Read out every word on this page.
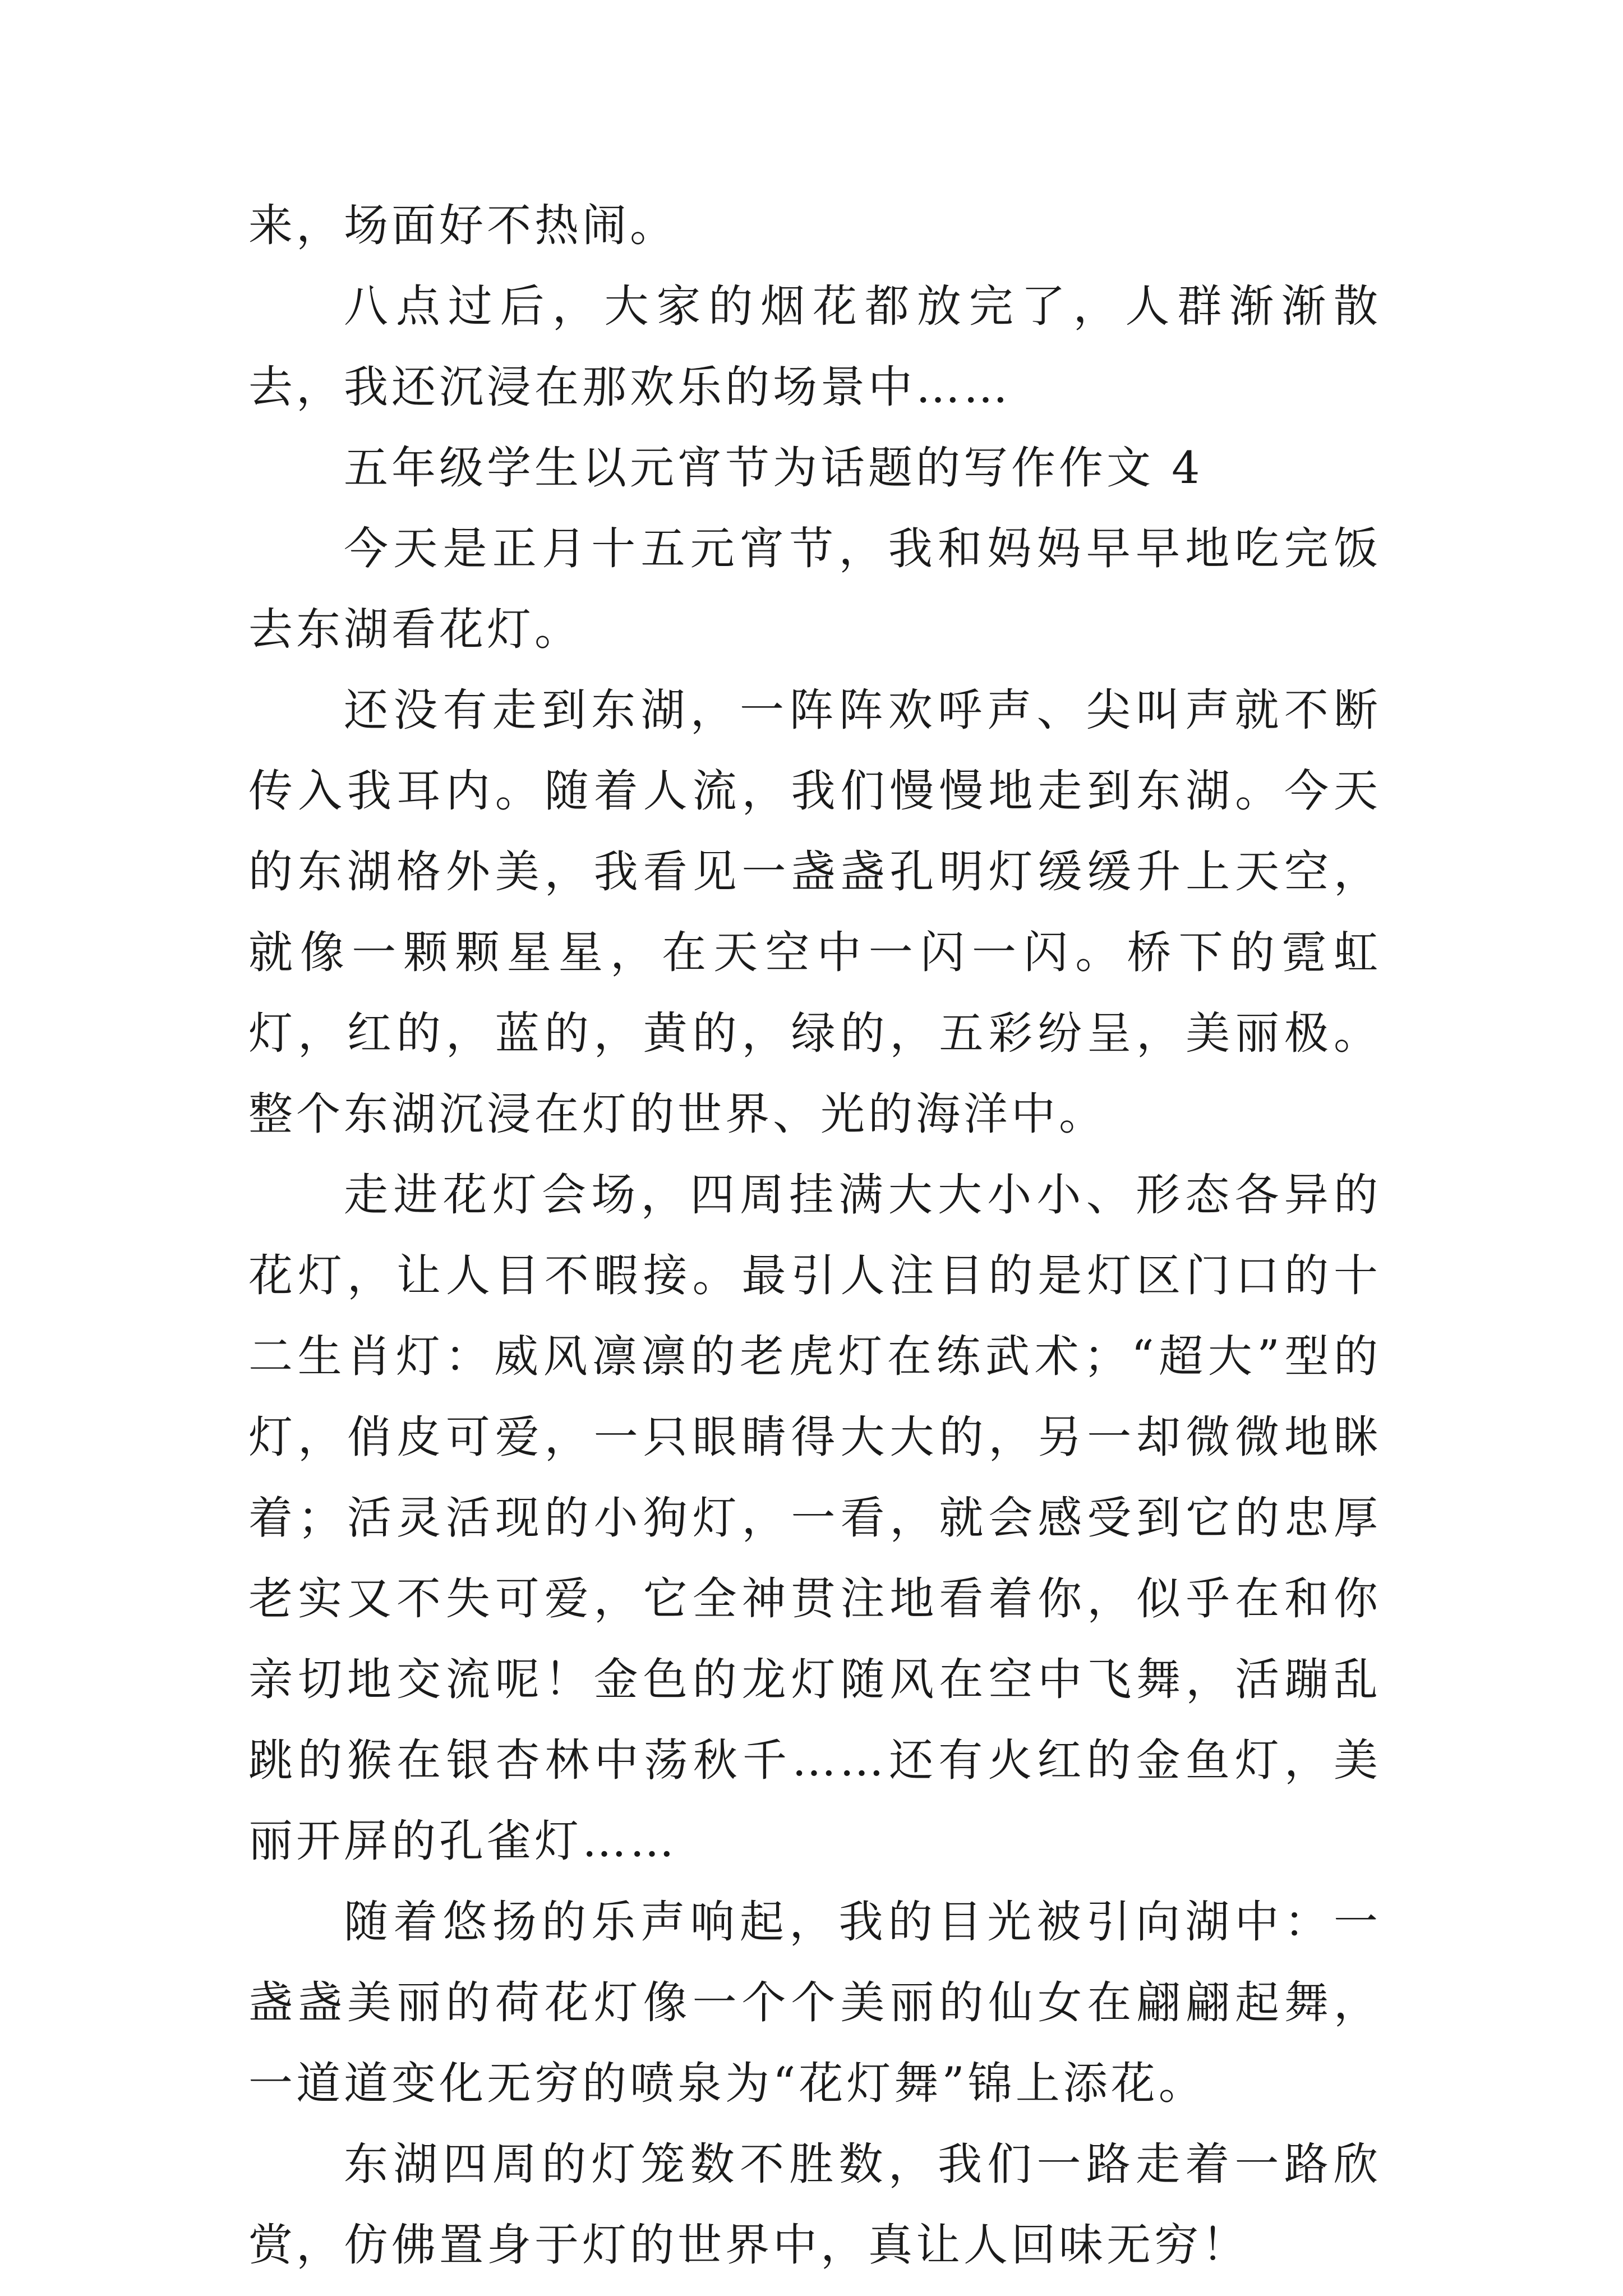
来，场面好不热闹。

八点过后，大家的烟花都放完了，人群渐渐散去，我还沉浸在那欢乐的场景中……

五年级学生以元宵节为话题的写作作文 4

今天是正月十五元宵节，我和妈妈早早地吃完饭去东湖看花灯。

还没有走到东湖，一阵阵欢呼声、尖叫声就不断传入我耳内。随着人流，我们慢慢地走到东湖。今天的东湖格外美，我看见一盏盏孔明灯缓缓升上天空，就像一颗颗星星，在天空中一闪一闪。桥下的霓虹灯，红的，蓝的，黄的，绿的，五彩纷呈，美丽极。整个东湖沉浸在灯的世界、光的海洋中。

走进花灯会场，四周挂满大大小小、形态各异的花灯，让人目不暇接。最引人注目的是灯区门口的十二生肖灯：威风凛凛的老虎灯在练武术；“超大”型的灯，俏皮可爱，一只眼睛得大大的，另一却微微地眯着；活灵活现的小狗灯，一看，就会感受到它的忠厚老实又不失可爱，它全神贯注地看着你，似乎在和你亲切地交流呢！金色的龙灯随风在空中飞舞，活蹦乱跳的猴在银杏林中荡秋千……还有火红的金鱼灯，美丽开屏的孔雀灯……

随着悠扬的乐声响起，我的目光被引向湖中：一盏盏美丽的荷花灯像一个个美丽的仙女在翩翩起舞，一道道变化无穷的喷泉为“花灯舞”锦上添花。

东湖四周的灯笼数不胜数，我们一路走着一路欣赏，仿佛置身于灯的世界中，真让人回味无穷！
